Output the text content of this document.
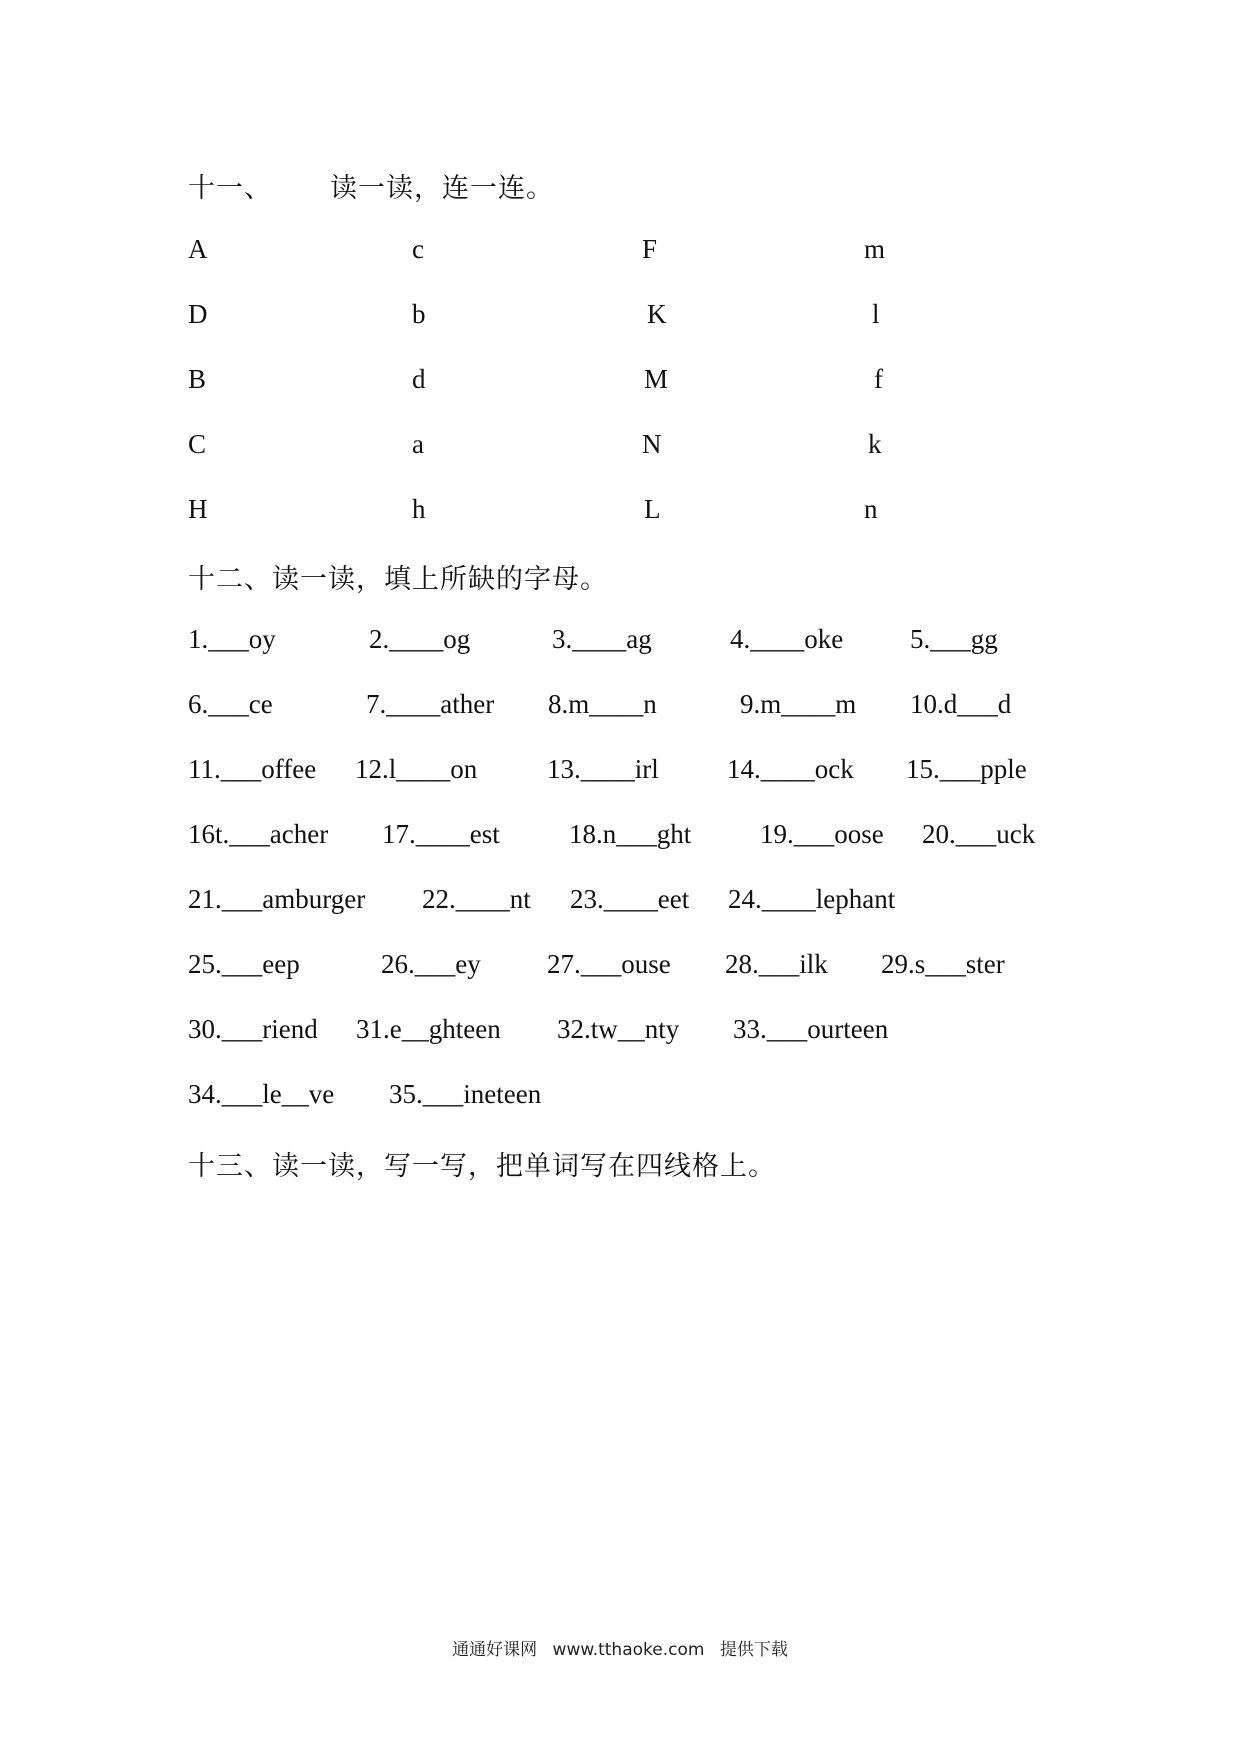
十一、 读一读，连一连。
A	c	F	m
D	b	K	l
B	d	M	f
C	a	N	k
H	h	L	n
十二、读一读，填上所缺的字母。
1.___oy	2.____og	3.____ag	4.____oke 5.___gg
6.___ce	7.____ather 8.m____n	9.m____m 10.d___d
11.___offee 12.l____on	13.____irl	14.____ock 15.___pple
16t.___acher 17.____est	18.n___ght	19.___oose 20.___uck
21.___amburger 22.____nt 23.____eet 24.____lephant
25.___eep	26.___ey 27.___ouse 28.___ilk 29.s___ster
30.___riend 31.e__ghteen 32.tw__nty 33.___ourteen
34.___le__ve 35.___ineteen
十三、读一读，写一写，把单词写在四线格上。
通通好课网 www.tthaoke.com 提供下载
